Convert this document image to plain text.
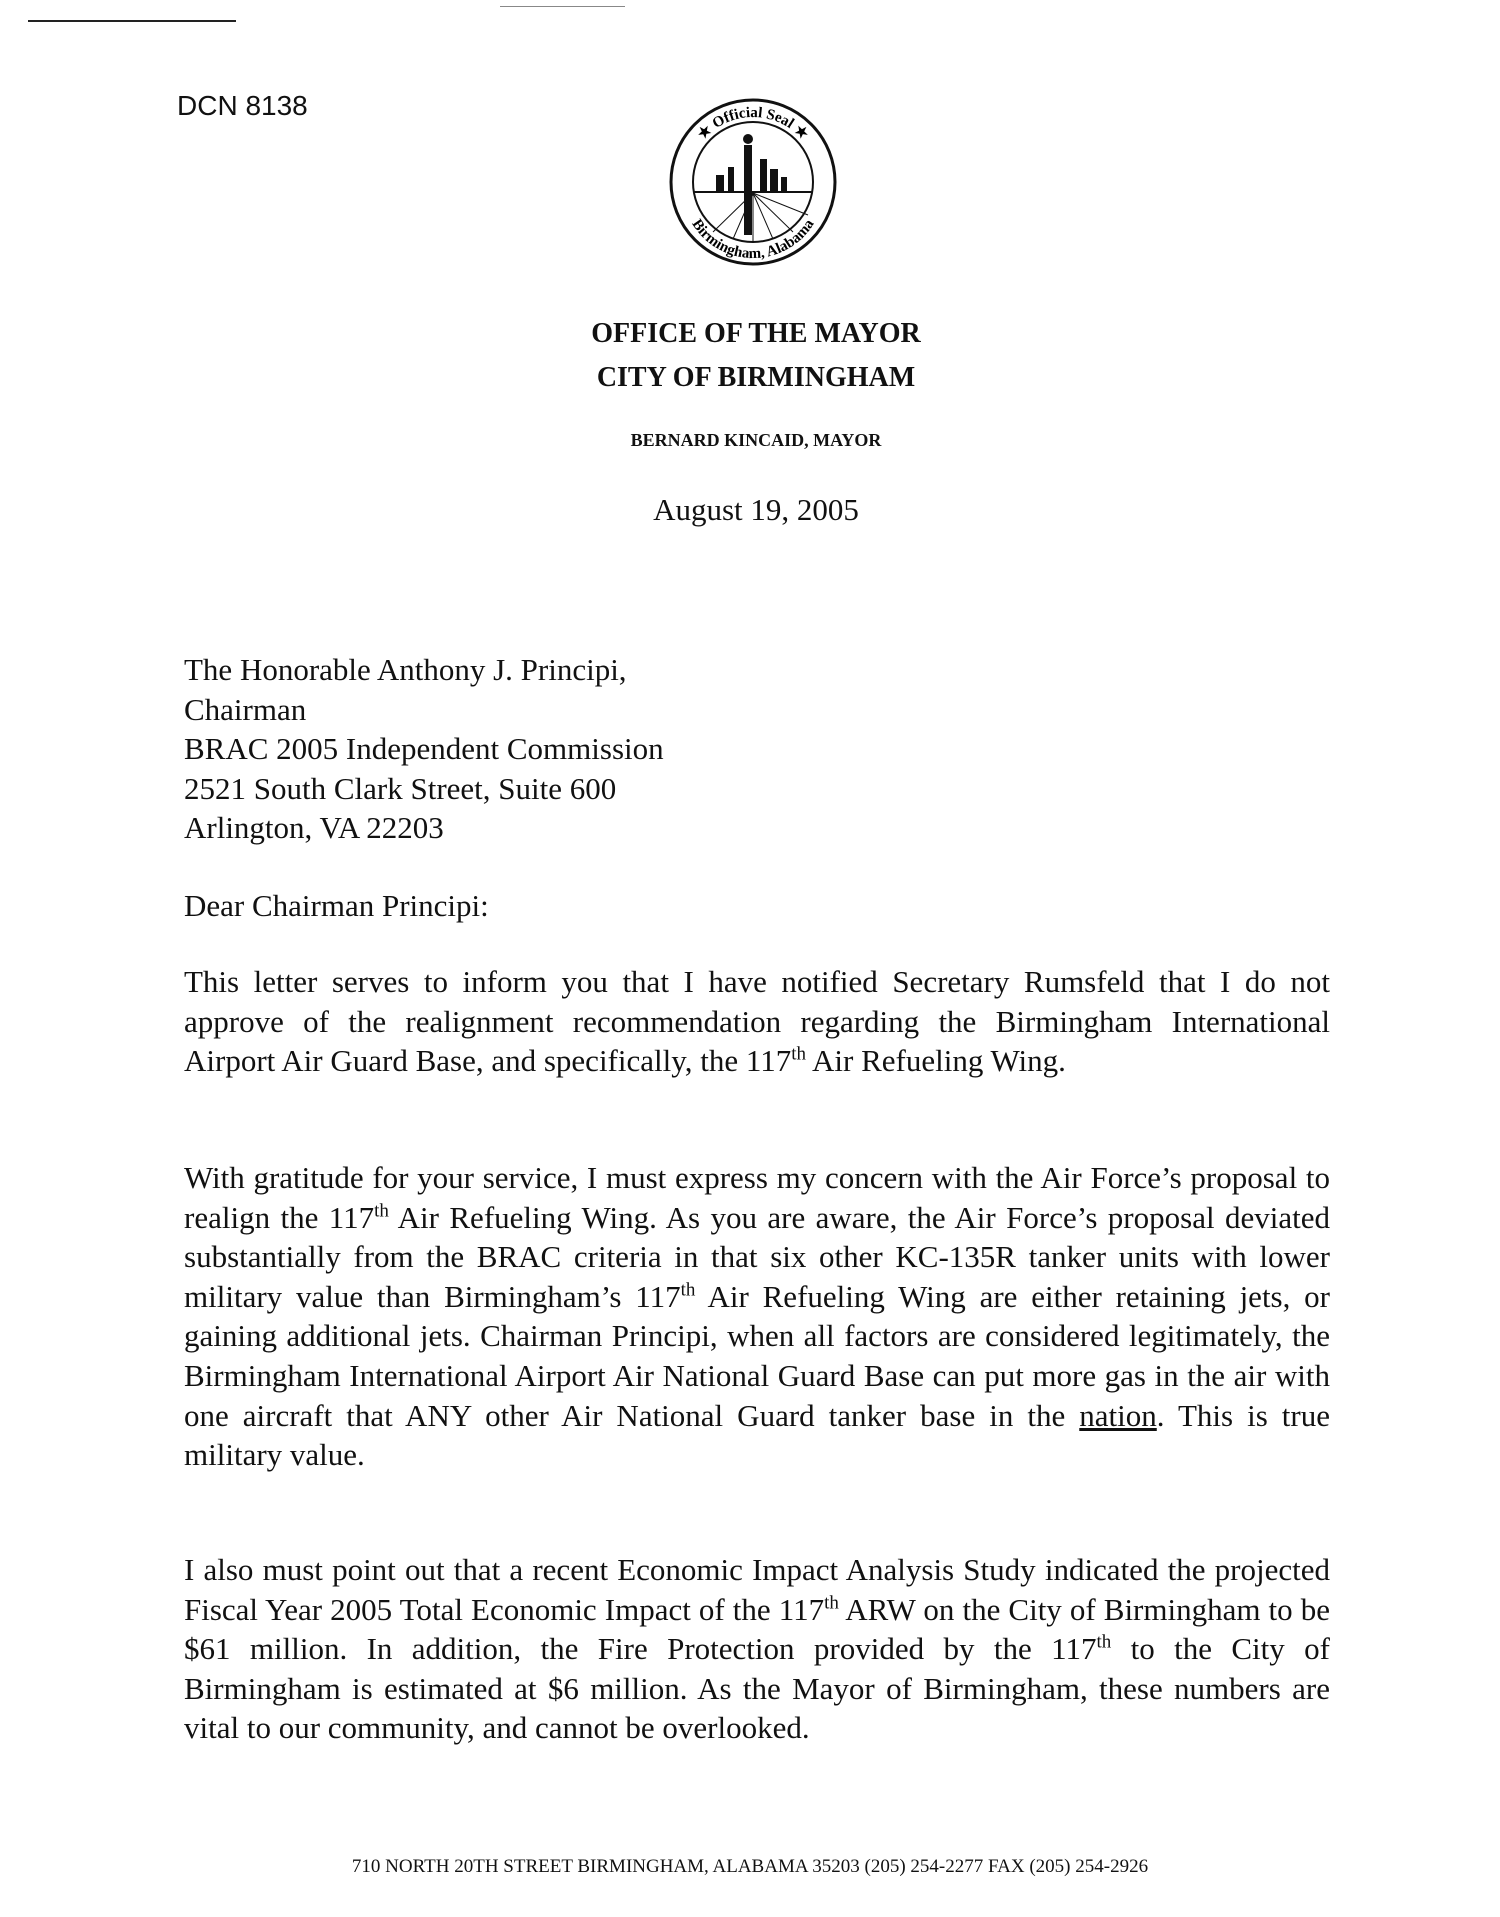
DCN 8138
★ Official Seal ★
Birmingham, Alabama
OFFICE OF THE MAYOR
CITY OF BIRMINGHAM
BERNARD KINCAID, MAYOR
August 19, 2005
The Honorable Anthony J. Principi,
Chairman
BRAC 2005 Independent Commission
2521 South Clark Street, Suite 600
Arlington, VA 22203
Dear Chairman Principi:
This letter serves to inform you that I have notified Secretary Rumsfeld that I do not approve of the realignment recommendation regarding the Birmingham International Airport Air Guard Base, and specifically, the 117th Air Refueling Wing.
With gratitude for your service, I must express my concern with the Air Force’s proposal to realign the 117th Air Refueling Wing. As you are aware, the Air Force’s proposal deviated substantially from the BRAC criteria in that six other KC-135R tanker units with lower military value than Birmingham’s 117th Air Refueling Wing are either retaining jets, or gaining additional jets. Chairman Principi, when all factors are considered legitimately, the Birmingham International Airport Air National Guard Base can put more gas in the air with one aircraft that ANY other Air National Guard tanker base in the nation. This is true military value.
I also must point out that a recent Economic Impact Analysis Study indicated the projected Fiscal Year 2005 Total Economic Impact of the 117th ARW on the City of Birmingham to be $61 million. In addition, the Fire Protection provided by the 117th to the City of Birmingham is estimated at $6 million. As the Mayor of Birmingham, these numbers are vital to our community, and cannot be overlooked.
710 NORTH 20TH STREET BIRMINGHAM, ALABAMA 35203 (205) 254-2277 FAX (205) 254-2926
